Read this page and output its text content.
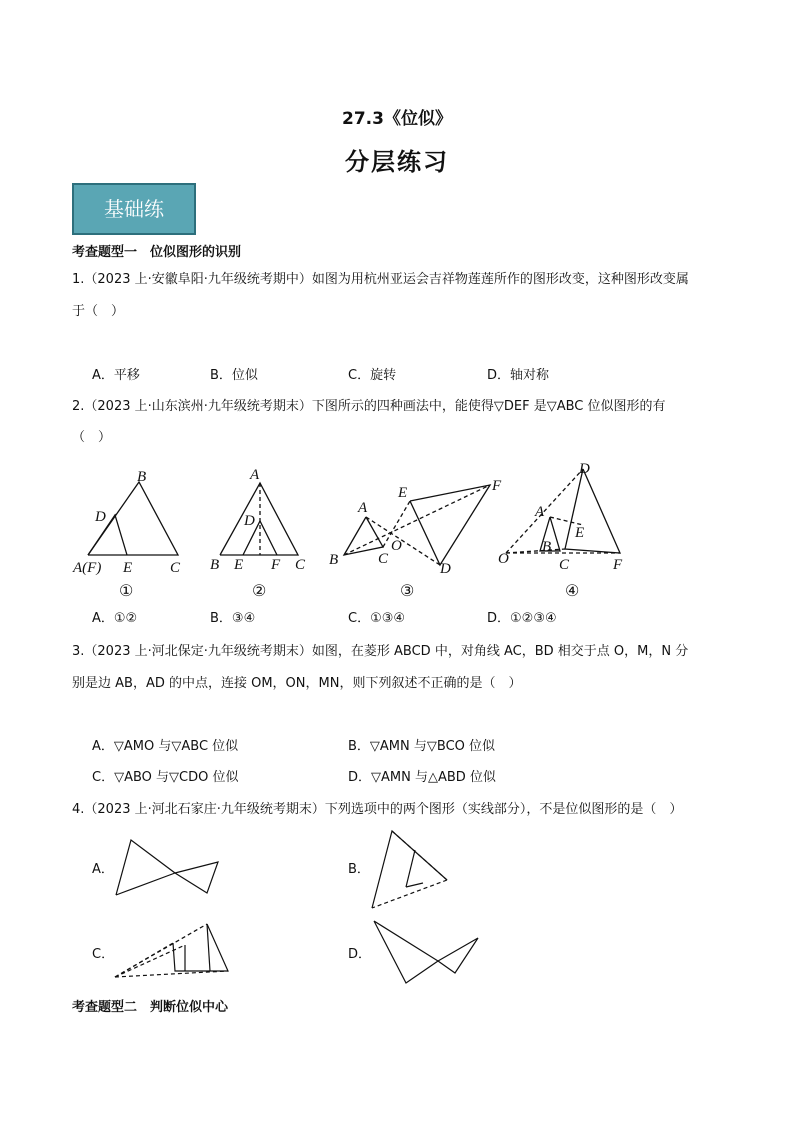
27.3《位似》
分层练习
基础练
考查题型一　位似图形的识别
1.（2023 上·安徽阜阳·九年级统考期中）如图为用杭州亚运会吉祥物莲莲所作的图形改变，这种图形改变属
于（　）
A．平移	B．位似	C．旋转	D．轴对称
2.（2023 上·山东滨州·九年级统考期末）下图所示的四种画法中，能使得▽DEF 是▽ABC 位似图形的有
（　）
B
D
A(F) E	C
A
D
B E F C
A
E	F
O
B	C
D
D
A
E
B
O	C	F
①	②	③	④
A．①②	B．③④	C．①③④	D．①②③④
3.（2023 上·河北保定·九年级统考期末）如图，在菱形 ABCD 中，对角线 AC，BD 相交于点 O，M，N 分
别是边 AB，AD 的中点，连接 OM，ON，MN，则下列叙述不正确的是（　）
A．▽AMO 与▽ABC 位似	B．▽AMN 与▽BCO 位似
C．▽ABO 与▽CDO 位似	D．▽AMN 与△ABD 位似
4.（2023 上·河北石家庄·九年级统考期末）下列选项中的两个图形（实线部分），不是位似图形的是（　）
A．	B．
C．	D．
考查题型二　判断位似中心
